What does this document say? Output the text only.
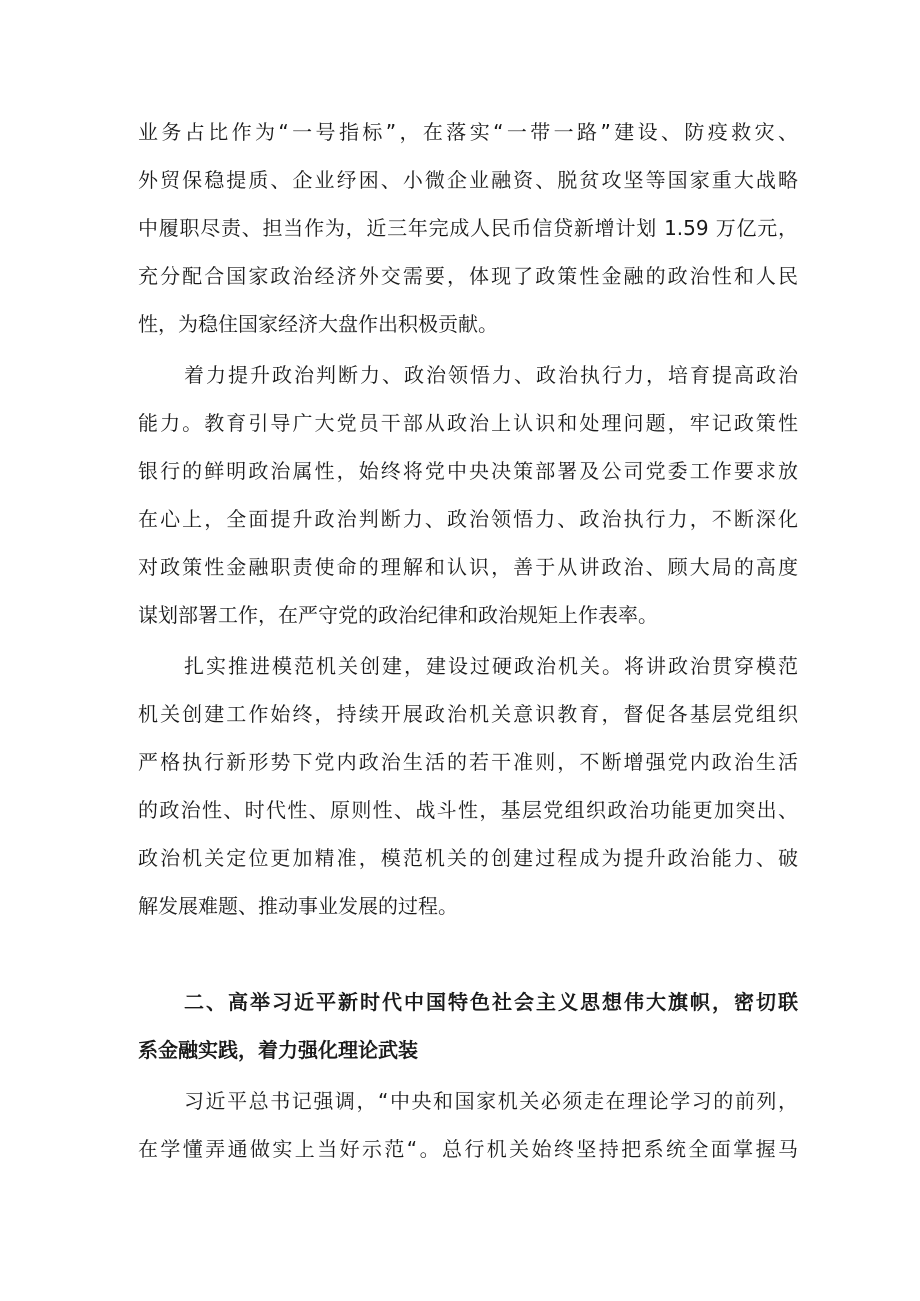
业务占比作为“一号指标”，在落实“一带一路”建设、防疫救灾、
外贸保稳提质、企业纾困、小微企业融资、脱贫攻坚等国家重大战略
中履职尽责、担当作为，近三年完成人民币信贷新增计划 1.59 万亿元，
充分配合国家政治经济外交需要，体现了政策性金融的政治性和人民
性，为稳住国家经济大盘作出积极贡献。
着力提升政治判断力、政治领悟力、政治执行力，培育提高政治
能力。教育引导广大党员干部从政治上认识和处理问题，牢记政策性
银行的鲜明政治属性，始终将党中央决策部署及公司党委工作要求放
在心上，全面提升政治判断力、政治领悟力、政治执行力，不断深化
对政策性金融职责使命的理解和认识，善于从讲政治、顾大局的高度
谋划部署工作，在严守党的政治纪律和政治规矩上作表率。
扎实推进模范机关创建，建设过硬政治机关。将讲政治贯穿模范
机关创建工作始终，持续开展政治机关意识教育，督促各基层党组织
严格执行新形势下党内政治生活的若干准则，不断增强党内政治生活
的政治性、时代性、原则性、战斗性，基层党组织政治功能更加突出、
政治机关定位更加精准，模范机关的创建过程成为提升政治能力、破
解发展难题、推动事业发展的过程。
二、高举习近平新时代中国特色社会主义思想伟大旗帜，密切联
系金融实践，着力强化理论武装
习近平总书记强调，“中央和国家机关必须走在理论学习的前列，
在学懂弄通做实上当好示范“。总行机关始终坚持把系统全面掌握马
